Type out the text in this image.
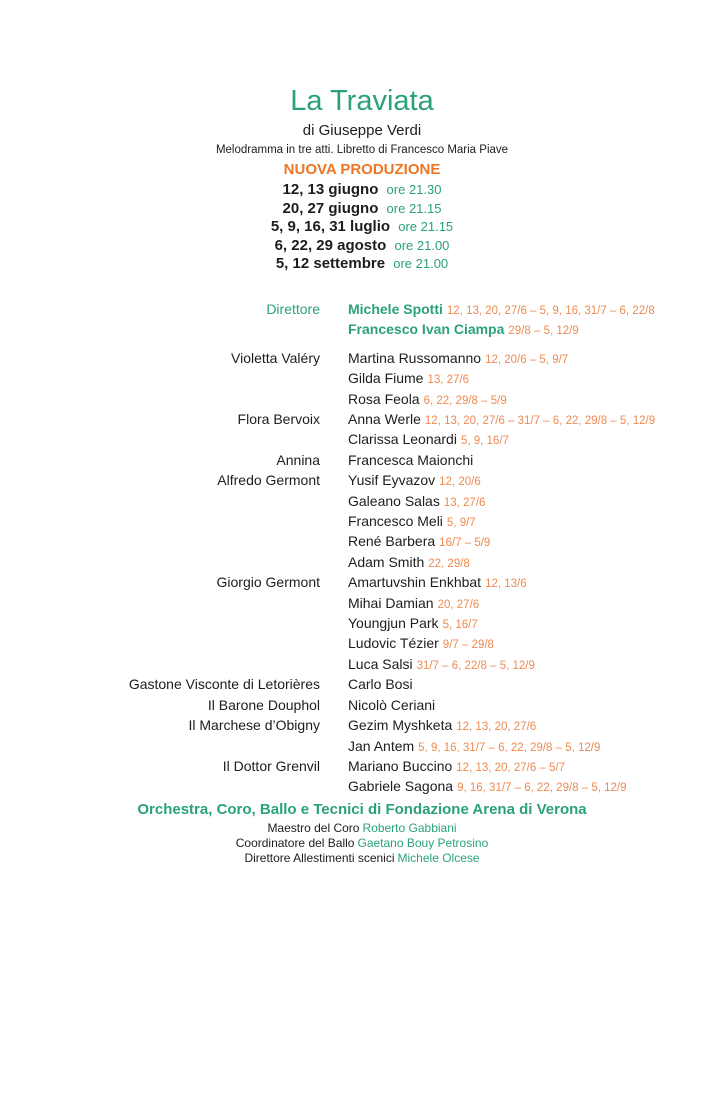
La Traviata
di Giuseppe Verdi
Melodramma in tre atti. Libretto di Francesco Maria Piave
NUOVA PRODUZIONE
12, 13 giugno ore 21.30
20, 27 giugno ore 21.15
5, 9, 16, 31 luglio ore 21.15
6, 22, 29 agosto ore 21.00
5, 12 settembre ore 21.00
Direttore Michele Spotti 12, 13, 20, 27/6 – 5, 9, 16, 31/7 – 6, 22/8
Francesco Ivan Ciampa 29/8 – 5, 12/9
Violetta Valéry Martina Russomanno 12, 20/6 – 5, 9/7
Gilda Fiume 13, 27/6
Rosa Feola 6, 22, 29/8 – 5/9
Flora Bervoix Anna Werle 12, 13, 20, 27/6 – 31/7 – 6, 22, 29/8 – 5, 12/9
Clarissa Leonardi 5, 9, 16/7
Annina Francesca Maionchi
Alfredo Germont Yusif Eyvazov 12, 20/6
Galeano Salas 13, 27/6
Francesco Meli 5, 9/7
René Barbera 16/7 – 5/9
Adam Smith 22, 29/8
Giorgio Germont Amartuvshin Enkhbat 12, 13/6
Mihai Damian 20, 27/6
Youngjun Park 5, 16/7
Ludovic Tézier 9/7 – 29/8
Luca Salsi 31/7 – 6, 22/8 – 5, 12/9
Gastone Visconte di Letorières Carlo Bosi
Il Barone Douphol Nicolò Ceriani
Il Marchese d’Obigny Gezim Myshketa 12, 13, 20, 27/6
Jan Antem 5, 9, 16, 31/7 – 6, 22, 29/8 – 5, 12/9
Il Dottor Grenvil Mariano Buccino 12, 13, 20, 27/6 – 5/7
Gabriele Sagona 9, 16, 31/7 – 6, 22, 29/8 – 5, 12/9
Orchestra, Coro, Ballo e Tecnici di Fondazione Arena di Verona
Maestro del Coro Roberto Gabbiani
Coordinatore del Ballo Gaetano Bouy Petrosino
Direttore Allestimenti scenici Michele Olcese
